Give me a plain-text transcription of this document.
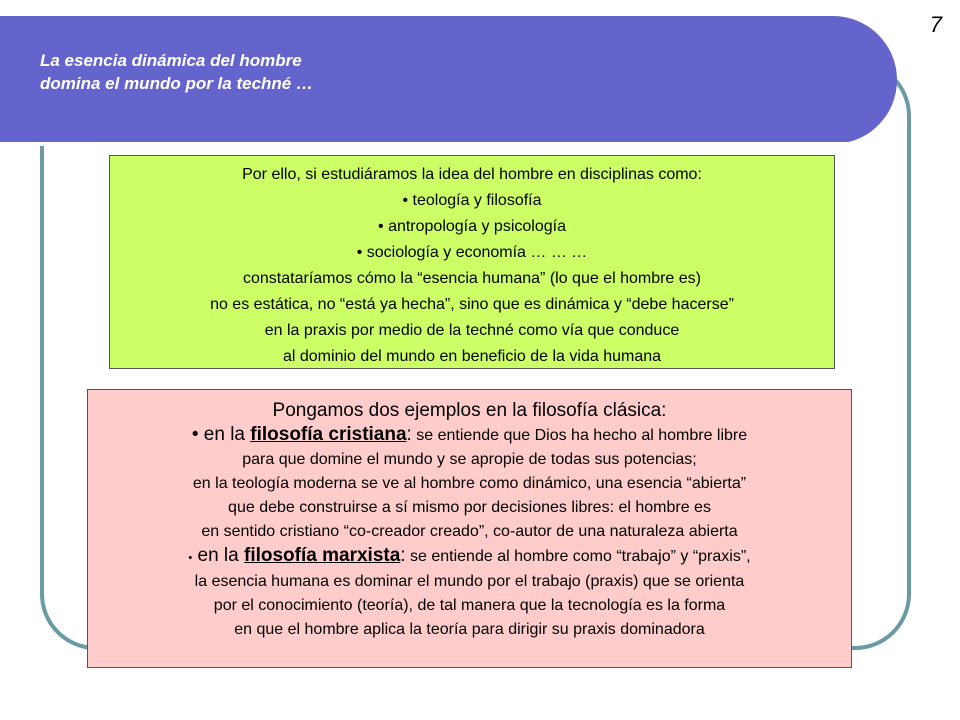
La esencia dinámica del hombre
domina el mundo por la techné …
7
Por ello, si estudiáramos la idea del hombre en disciplinas como:
• teología y filosofía
• antropología y psicología
• sociología y economía … … …
constataríamos cómo la “esencia humana” (lo que el hombre es)
no es estática, no “está ya hecha”, sino que es dinámica y “debe hacerse”
en la praxis por medio de la techné como vía que conduce
al dominio del mundo en beneficio de la vida humana
Pongamos dos ejemplos en la filosofía clásica:
• en la filosofía cristiana: se entiende que Dios ha hecho al hombre libre
para que domine el mundo y se apropie de todas sus potencias;
en la teología moderna se ve al hombre como dinámico, una esencia “abierta”
que debe construirse a sí mismo por decisiones libres: el hombre es
en sentido cristiano “co-creador creado”, co-autor de una naturaleza abierta
• en la filosofía marxista: se entiende al hombre como “trabajo” y “praxis”,
la esencia humana es dominar el mundo por el trabajo (praxis) que se orienta
por el conocimiento (teoría), de tal manera que la tecnología es la forma
en que el hombre aplica la teoría para dirigir su praxis dominadora
